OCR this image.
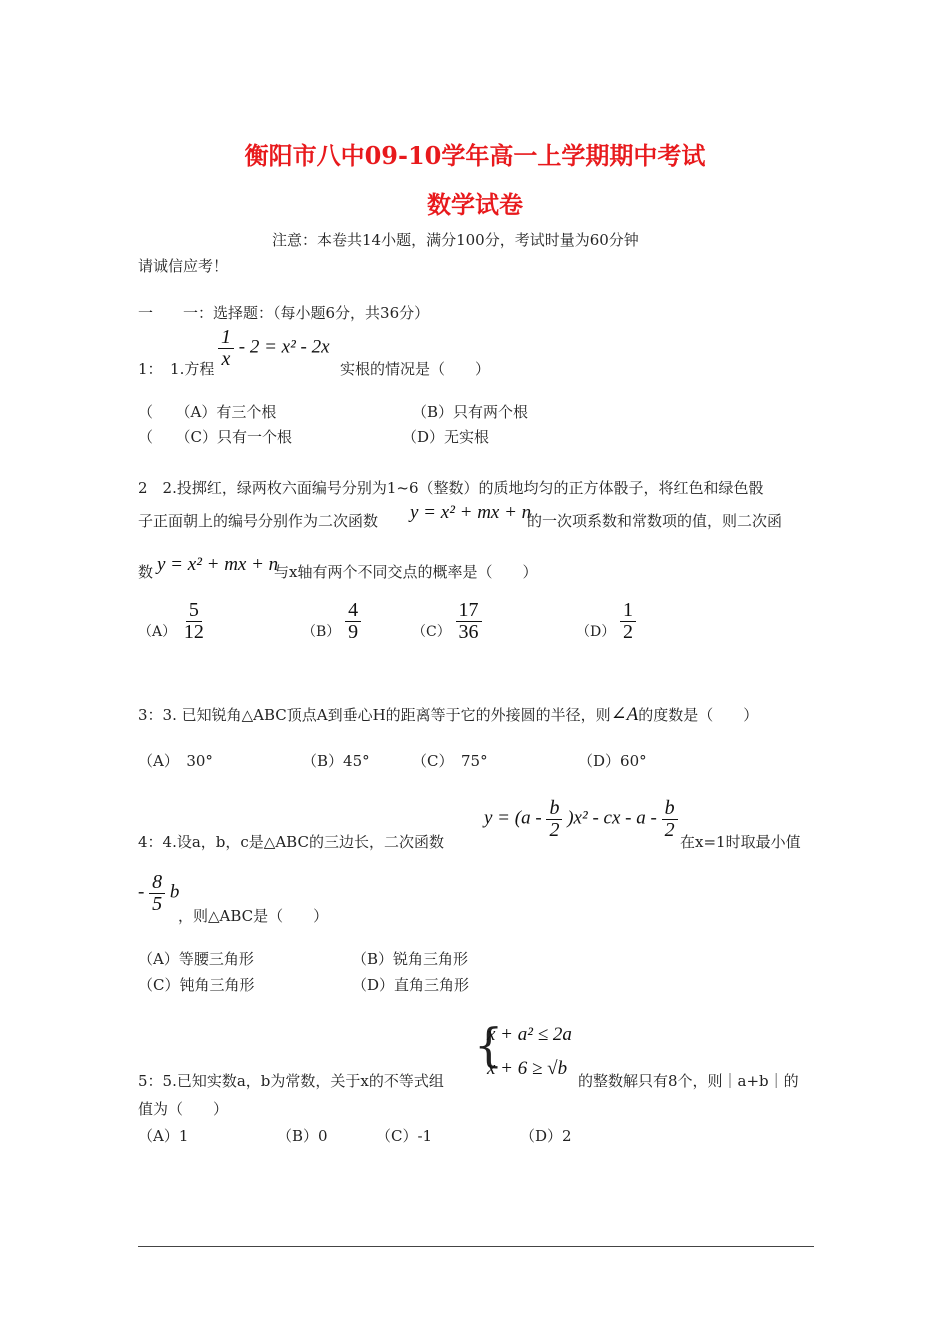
衡阳市八中09-10学年高一上学期期中考试
数学试卷
注意：本卷共14小题，满分100分，考试时量为60分钟
请诚信应考！
一　　一：选择题：（每小题6分，共36分）
1：　1.方程 $\frac{1}{x} - 2 = x^2 - 2x$
实根的情况是（　　）
（　　（A）有三个根	（B）只有两个根
（　　（C）只有一个根	（D）无实根
2　2.投掷红，绿两枚六面编号分别为1~6（整数）的质地均匀的正方体骰子，将红色和绿色骰
子正面朝上的编号分别作为二次函数 y = x² + mx + n
的一次项系数和常数项的值，则二次函
数 y = x² + mx + n
与x轴有两个不同交点的概率是（　　）
$(A) \frac{5}{12}$	$(B) \frac{4}{9}$	$(C) \frac{17}{36}$	$(D) \frac{1}{2}$
3：3. 已知锐角△ABC顶点A到垂心H的距离等于它的外接圆的半径，则∠A的度数是（　　）
（A）　30°	（B）45°	（C）　75°	（D）60°
4：4.设a，b，c是△ABC的三边长，二次函数
$y = (a - \frac{b}{2} )x^2$ - cx - a - $\frac{b}{2}$
在x=1时取最小值
- $\frac{8}{5}$ b
，则△ABC是（　　）
（A）等腰三角形	（B）锐角三角形
（C）钝角三角形	（D）直角三角形
{
x + a² ≤ 2a
x + 6 ≥ √b
5：5.已知实数a，b为常数，关于x的不等式组	的整数解只有8个，则｜a+b｜的
值为（　　）
（A）1	（B）0	（C）-1	（D）2
